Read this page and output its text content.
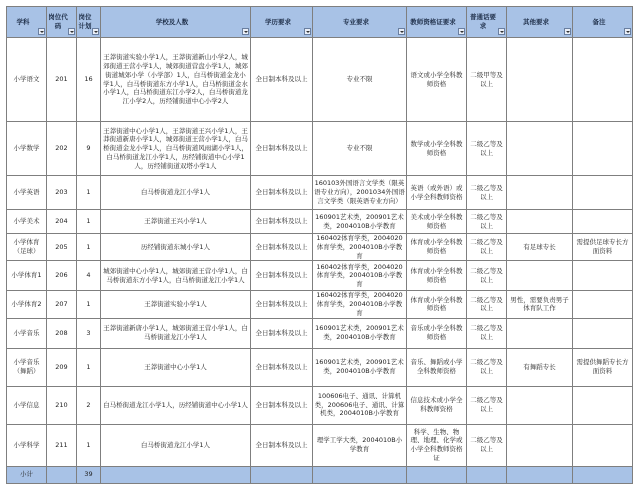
学科	岗位代码	岗位计划	学校及人数	学历要求	专业要求	教师资格证要求	普通话要求	其他要求	备注

小学语文	201	16	王莽街道实验小学1人，王莽街道新山小学2人，城郊街道王营小学1人，城郊街道营盘小学1人，城郊街道城郊小学（小学部）1人，白马桥街道金龙小学1人，白马桥街道东方小学1人，白马桥街道金水小学1人，白马桥街道东江小学2人，白马桥街道龙江小学2人，历经铺街道中心小学2人	全日制本科及以上	专业不限	语文或小学全科教师资格	二级甲等及以上		
小学数学	202	9	王莽街道中心小学1人，王莽街道王兴小学1人，王莽街道新唐小学1人，城郊街道王营小学1人，白马桥街道金龙小学1人，白马桥街道风雨湖小学1人，白马桥街道龙江小学1人，历经铺街道中心小学1人，历经铺街道双塔小学1人	全日制本科及以上	专业不限	数学或小学全科教师资格	二级乙等及以上		
小学英语	203	1	白马桥街道龙江小学1人	全日制本科及以上	160103外国语言文学类（限英语专业方向），2001034外国语言文学类（限英语专业方向）	英语（或外语）或小学全科教师资格	二级乙等及以上		
小学美术	204	1	王莽街道王兴小学1人	全日制本科及以上	160901艺术类，200901艺术类，2004010B小学教育	美术或小学全科教师资格	二级乙等及以上		
小学体育（足球）	205	1	历经铺街道东城小学1人	全日制本科及以上	160402体育学类，2004020体育学类，2004010B小学教育	体育或小学全科教师资格	二级乙等及以上	有足球专长	需提供足球专长方面资料
小学体育1	206	4	城郊街道中心小学1人，城郊街道王营小学1人，白马桥街道东方小学1人，白马桥街道龙江小学1人	全日制本科及以上	160402体育学类，2004020体育学类，2004010B小学教育	体育或小学全科教师资格	二级乙等及以上		
小学体育2	207	1	王莽街道实验小学1人	全日制本科及以上	160402体育学类，2004020体育学类，2004010B小学教育	体育或小学全科教师资格	二级乙等及以上	男性，需要负责男子体育队工作	
小学音乐	208	3	王莽街道新唐小学1人，城郊街道王营小学1人，白马桥街道龙江小学1人	全日制本科及以上	160901艺术类，200901艺术类，2004010B小学教育	音乐或小学全科教师资格	二级乙等及以上		
小学音乐（舞蹈）	209	1	王莽街道中心小学1人	全日制本科及以上	160901艺术类，200901艺术类，2004010B小学教育	音乐、舞蹈或小学全科教师资格	二级乙等及以上	有舞蹈专长	需提供舞蹈专长方面资料
小学信息	210	2	白马桥街道龙江小学1人，历经铺街道中心小学1人	全日制本科及以上	100606电子、通讯、计算机类，200606电子、通讯、计算机类，2004010B小学教育	信息技术或小学全科教师资格	二级乙等及以上		
小学科学	211	1	白马桥街道龙江小学1人	全日制本科及以上	理学工学大类，2004010B小学教育	科学、生物、物理、地理、化学或小学全科教师资格证	二级乙等及以上		
小计		39							
